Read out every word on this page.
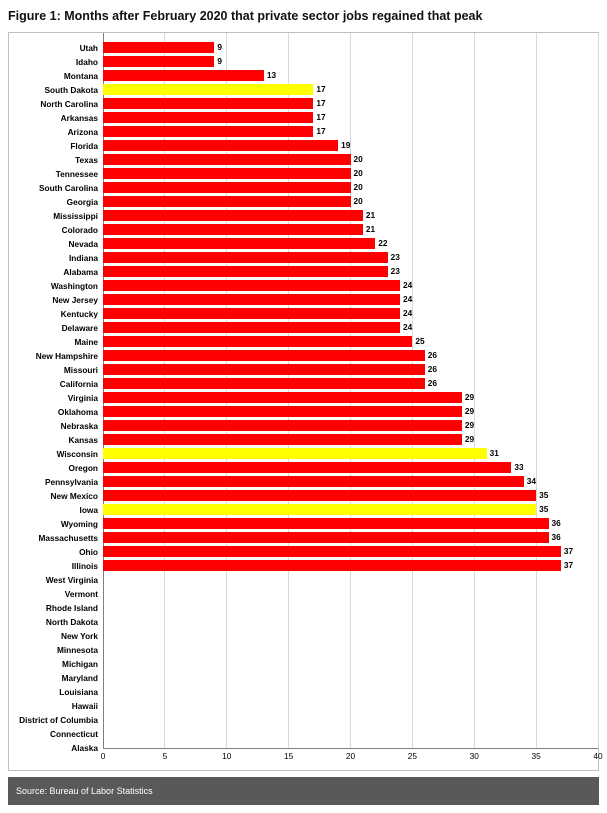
Figure 1: Months after February 2020 that private sector jobs regained that peak
Utah	9
Idaho	9
Montana	13
South Dakota	17
North Carolina	17
Arkansas	17
Arizona	17
Florida	19
Texas	20
Tennessee	20
South Carolina	20
Georgia	20
Mississippi	21
Colorado	21
Nevada	22
Indiana	23
Alabama	23
Washington	24
New Jersey	24
Kentucky	24
Delaware	24
Maine	25
New Hampshire	26
Missouri	26
California	26
Virginia	29
Oklahoma	29
Nebraska	29
Kansas	29
Wisconsin	31
Oregon	33
Pennsylvania	34
New Mexico	35
Iowa	35
Wyoming	36
Massachusetts	36
Ohio	37
Illinois	37
West Virginia
Vermont
Rhode Island
North Dakota
New York
Minnesota
Michigan
Maryland
Louisiana
Hawaii
District of Columbia
Connecticut
Alaska
0	5	10	15	20	25	30	35	40
Source: Bureau of Labor Statistics
